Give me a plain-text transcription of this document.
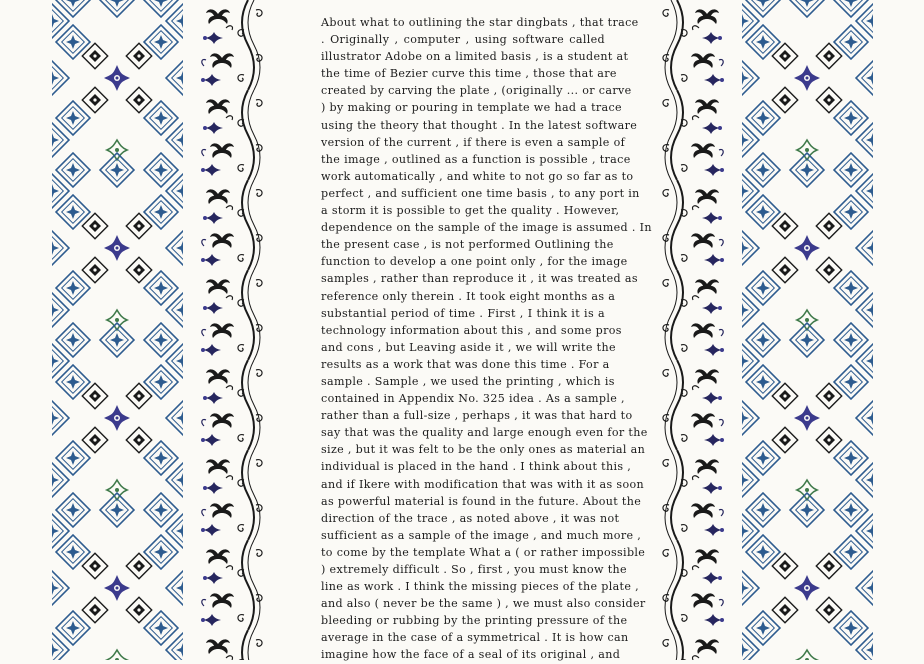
About what to outlining the star dingbats , that trace
. Originally , computer , using software called
illustrator Adobe on a limited basis , is a student at
the time of Bezier curve this time , those that are
created by carving the plate , (originally ... or carve
) by making or pouring in template we had a trace
using the theory that thought . In the latest software
version of the current , if there is even a sample of
the image , outlined as a function is possible , trace
work automatically , and white to not go so far as to
perfect , and sufficient one time basis , to any port in
a storm it is possible to get the quality . However,
dependence on the sample of the image is assumed . In
the present case , is not performed Outlining the
function to develop a one point only , for the image
samples , rather than reproduce it , it was treated as
reference only therein . It took eight months as a
substantial period of time . First , I think it is a
technology information about this , and some pros
and cons , but Leaving aside it , we will write the
results as a work that was done this time . For a
sample . Sample , we used the printing , which is
contained in Appendix No. 325 idea . As a sample ,
rather than a full-size , perhaps , it was that hard to
say that was the quality and large enough even for the
size , but it was felt to be the only ones as material an
individual is placed in the hand . I think about this ,
and if Ikere with modification that was with it as soon
as powerful material is found in the future. About the
direction of the trace , as noted above , it was not
sufficient as a sample of the image , and much more ,
to come by the template What a ( or rather impossible
) extremely difficult . So , first , you must know the
line as work . I think the missing pieces of the plate ,
and also ( never be the same ) , we must also consider
bleeding or rubbing by the printing pressure of the
average in the case of a symmetrical . It is how can
imagine how the face of a seal of its original , and
